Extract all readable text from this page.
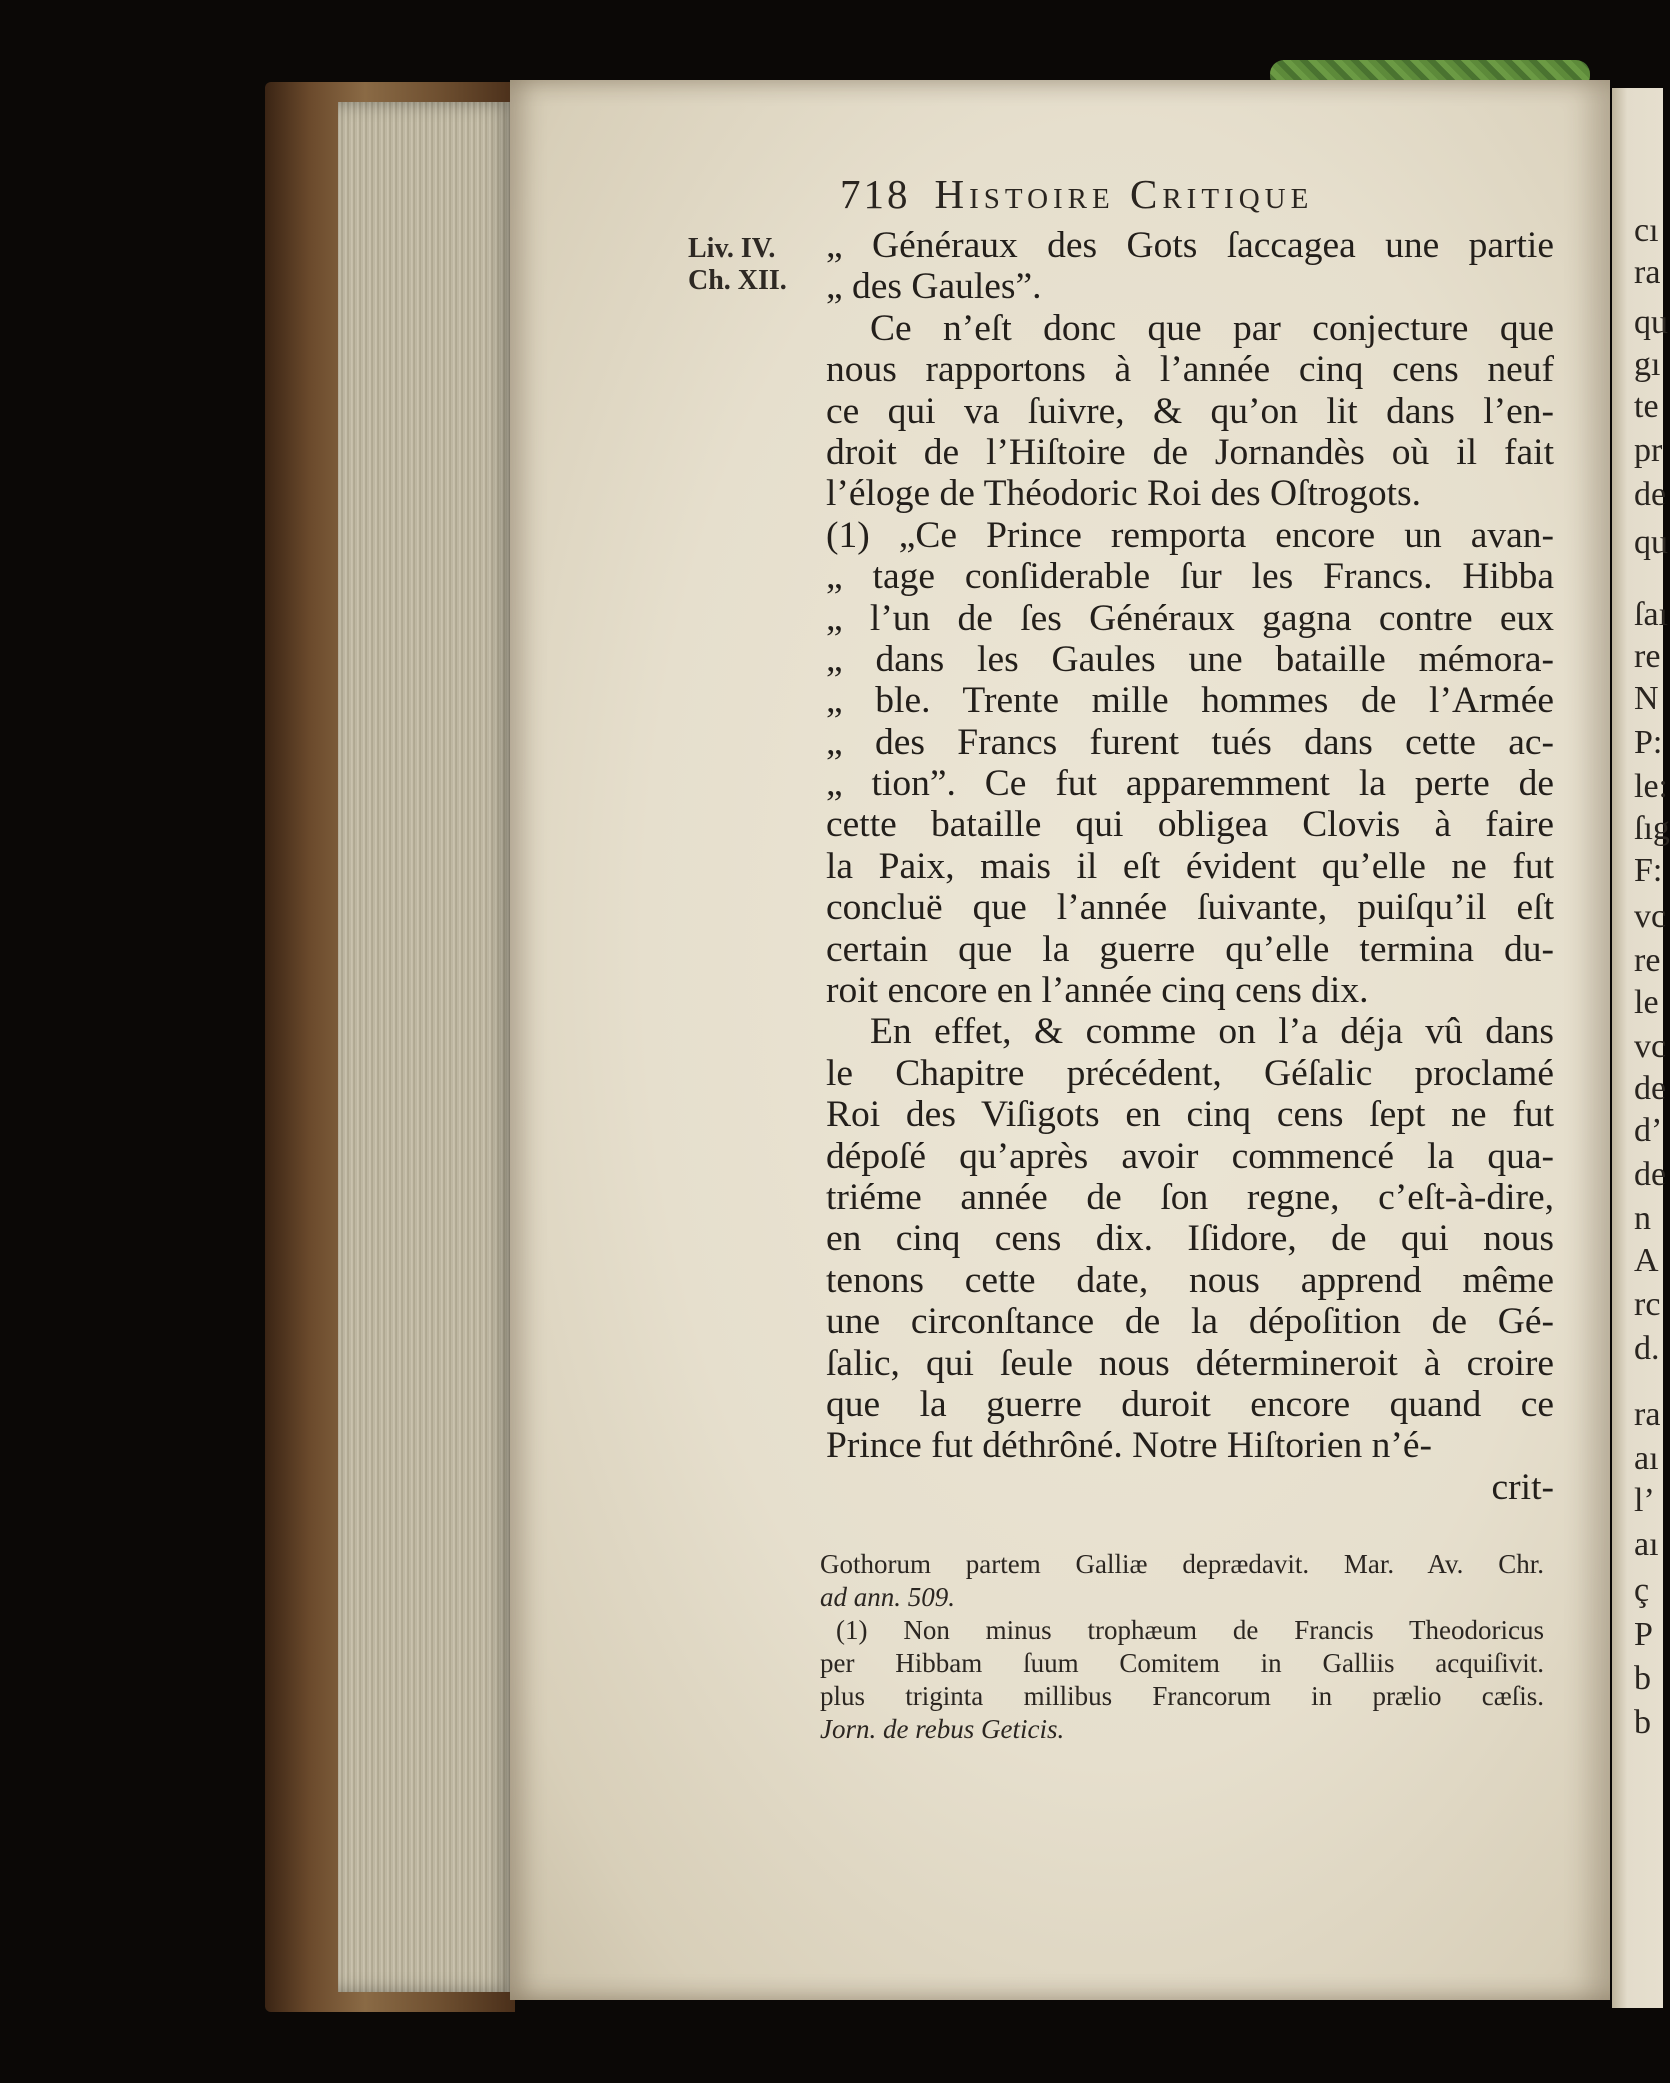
718 Histoire Critique
Liv. IV.
Ch. XII.
„ Généraux des Gots ſaccagea une partie
„ des Gaules”.
Ce n’eſt donc que par conjecture que
nous rapportons à l’année cinq cens neuf
ce qui va ſuivre, & qu’on lit dans l’en-
droit de l’Hiſtoire de Jornandès où il fait
l’éloge de Théodoric Roi des Oſtrogots.
(1) „Ce Prince remporta encore un avan-
„ tage conſiderable ſur les Francs. Hibba
„ l’un de ſes Généraux gagna contre eux
„ dans les Gaules une bataille mémora-
„ ble. Trente mille hommes de l’Armée
„ des Francs furent tués dans cette ac-
„ tion”. Ce fut apparemment la perte de
cette bataille qui obligea Clovis à faire
la Paix, mais il eſt évident qu’elle ne fut
concluë que l’année ſuivante, puiſqu’il eſt
certain que la guerre qu’elle termina du-
roit encore en l’année cinq cens dix.
En effet, & comme on l’a déja vû dans
le Chapitre précédent, Géſalic proclamé
Roi des Viſigots en cinq cens ſept ne fut
dépoſé qu’après avoir commencé la qua-
triéme année de ſon regne, c’eſt-à-dire,
en cinq cens dix. Iſidore, de qui nous
tenons cette date, nous apprend même
une circonſtance de la dépoſition de Gé-
ſalic, qui ſeule nous détermineroit à croire
que la guerre duroit encore quand ce
Prince fut déthrôné. Notre Hiſtorien n’é-
crit-
Gothorum partem Galliæ deprædavit. Mar. Av. Chr.
ad ann. 509.
(1) Non minus trophæum de Francis Theodoricus
per Hibbam ſuum Comitem in Galliis acquiſivit.
plus triginta millibus Francorum in prælio cæſis.
Jorn. de rebus Geticis.
cı
ra
qu
gı
te
pr
de
qu
ſaı
re
N
P:
le:
ſıg
F:
vc
re
le
vc
de
d’
de
n
A
rc
d.
ra
aı
l’
aı
ç
P
b
b
